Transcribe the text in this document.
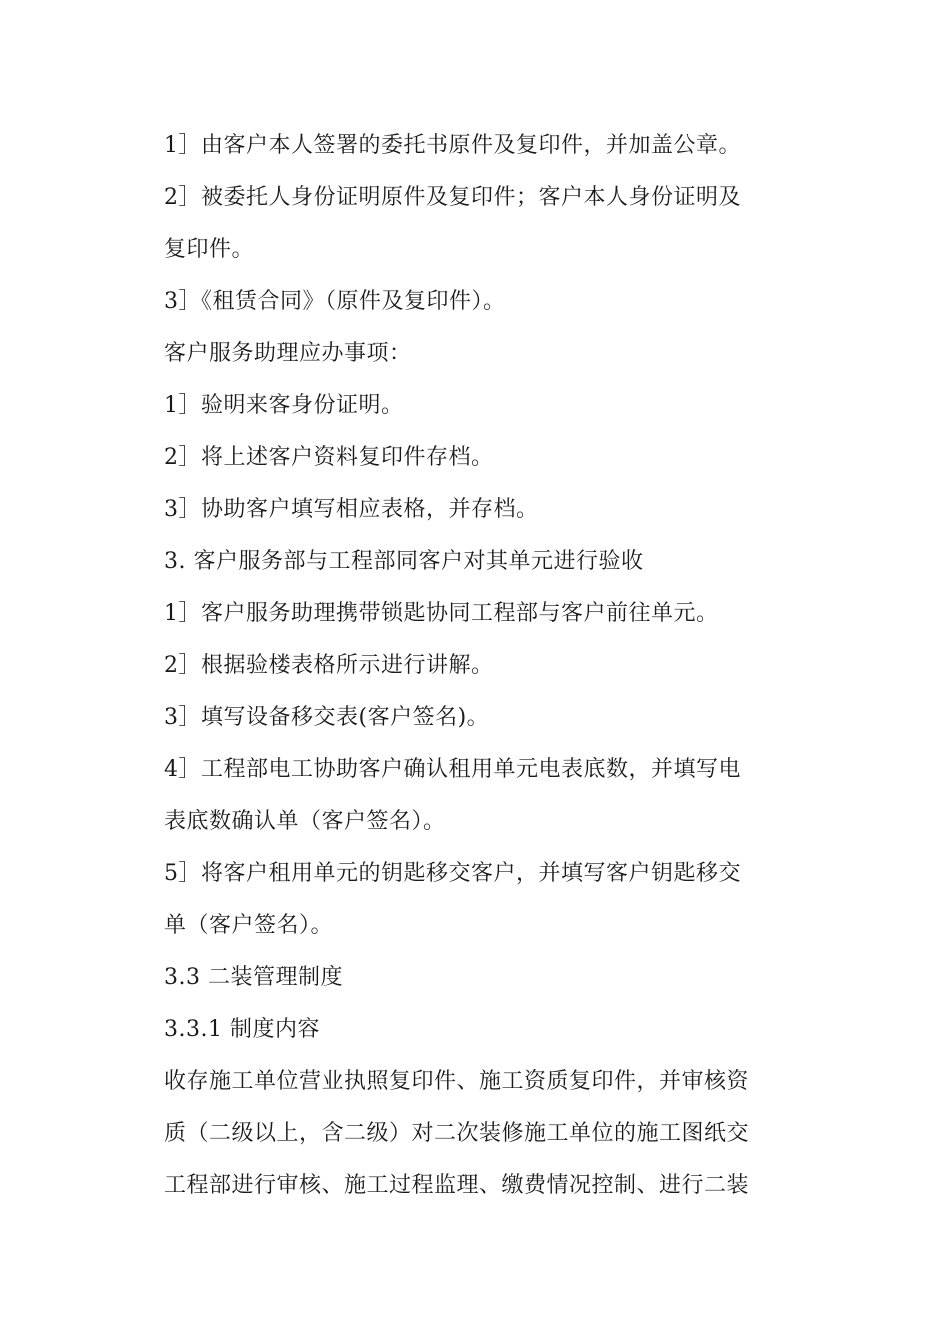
1］由客户本人签署的委托书原件及复印件，并加盖公章。
2］被委托人身份证明原件及复印件；客户本人身份证明及
复印件。
3］《租赁合同》（原件及复印件）。
客户服务助理应办事项：
1］验明来客身份证明。
2］将上述客户资料复印件存档。
3］协助客户填写相应表格，并存档。
3. 客户服务部与工程部同客户对其单元进行验收
1］客户服务助理携带锁匙协同工程部与客户前往单元。
2］根据验楼表格所示进行讲解。
3］填写设备移交表(客户签名)。
4］工程部电工协助客户确认租用单元电表底数，并填写电
表底数确认单（客户签名）。
5］将客户租用单元的钥匙移交客户，并填写客户钥匙移交
单（客户签名）。
3.3 二装管理制度
3.3.1 制度内容
收存施工单位营业执照复印件、施工资质复印件，并审核资
质（二级以上，含二级）对二次装修施工单位的施工图纸交
工程部进行审核、施工过程监理、缴费情况控制、进行二装
